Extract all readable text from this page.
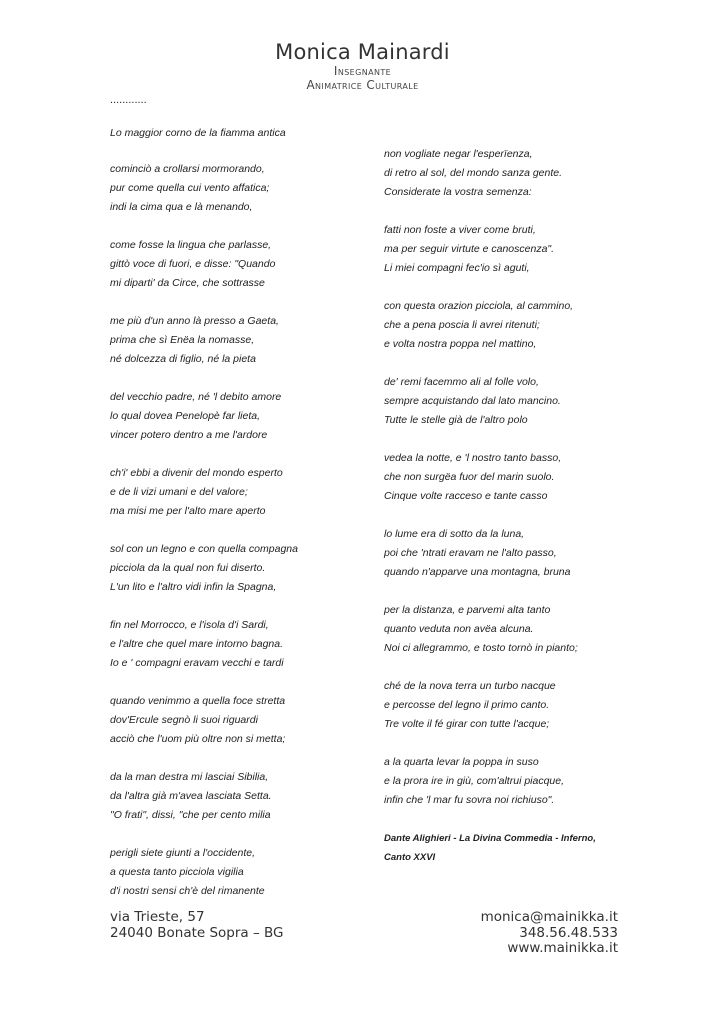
Monica Mainardi
Insegnante
Animatrice Culturale
............
Lo maggior corno de la fiamma antica
cominciò a crollarsi mormorando,
pur come quella cui vento affatica;
indi la cima qua e là menando,
come fosse la lingua che parlasse,
gittò voce di fuori, e disse: "Quando
mi diparti' da Circe, che sottrasse
me più d'un anno là presso a Gaeta,
prima che sì Enëa la nomasse,
né dolcezza di figlio, né la pieta
del vecchio padre, né 'l debito amore
lo qual dovea Penelopè far lieta,
vincer potero dentro a me l'ardore
ch'i' ebbi a divenir del mondo esperto
e de li vizi umani e del valore;
ma misi me per l'alto mare aperto
sol con un legno e con quella compagna
picciola da la qual non fui diserto.
L'un lito e l'altro vidi infin la Spagna,
fin nel Morrocco, e l'isola d'i Sardi,
e l'altre che quel mare intorno bagna.
Io e ' compagni eravam vecchi e tardi
quando venimmo a quella foce stretta
dov'Ercule segnò li suoi riguardi
acciò che l'uom più oltre non si metta;
da la man destra mi lasciai Sibilia,
da l'altra già m'avea lasciata Setta.
"O frati", dissi, "che per cento milia
perigli siete giunti a l'occidente,
a questa tanto picciola vigilia
d'i nostri sensi ch'è del rimanente
non vogliate negar l'esperïenza,
di retro al sol, del mondo sanza gente.
Considerate la vostra semenza:
fatti non foste a viver come bruti,
ma per seguir virtute e canoscenza".
Li miei compagni fec'io sì aguti,
con questa orazion picciola, al cammino,
che a pena poscia li avrei ritenuti;
e volta nostra poppa nel mattino,
de' remi facemmo ali al folle volo,
sempre acquistando dal lato mancino.
Tutte le stelle già de l'altro polo
vedea la notte, e 'l nostro tanto basso,
che non surgëa fuor del marin suolo.
Cinque volte racceso e tante casso
lo lume era di sotto da la luna,
poi che 'ntrati eravam ne l'alto passo,
quando n'apparve una montagna, bruna
per la distanza, e parvemi alta tanto
quanto veduta non avëa alcuna.
Noi ci allegrammo, e tosto tornò in pianto;
ché de la nova terra un turbo nacque
e percosse del legno il primo canto.
Tre volte il fé girar con tutte l'acque;
a la quarta levar la poppa in suso
e la prora ire in giù, com'altrui piacque,
infin che 'l mar fu sovra noi richiuso".
Dante Alighieri - La Divina Commedia - Inferno,
Canto XXVI
via Trieste, 57
24040 Bonate Sopra – BG
monica@mainikka.it
348.56.48.533
www.mainikka.it
